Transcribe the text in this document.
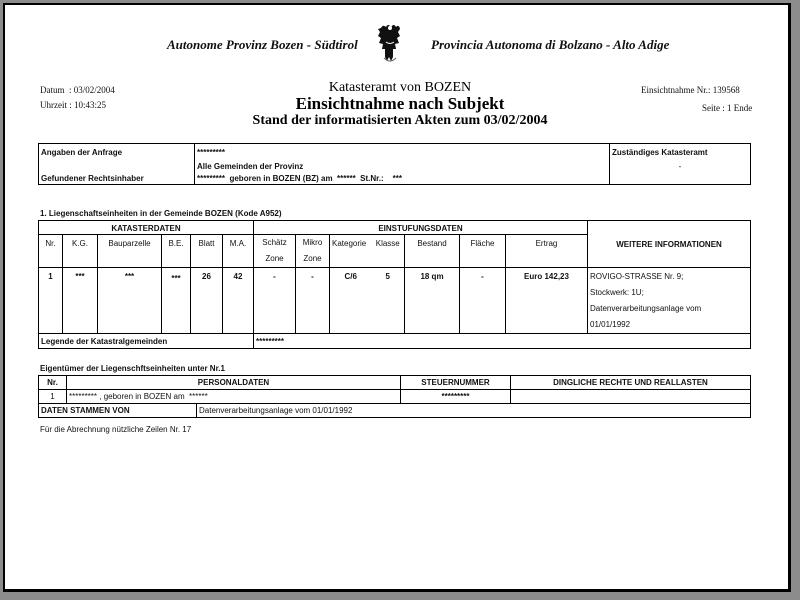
Autonome Provinz Bozen - Südtirol	Provincia Autonoma di Bolzano - Alto Adige
Datum  : 03/02/2004
Uhrzeit : 10:43:25
Einsichtnahme Nr.: 139568
Seite : 1 Ende
Katasteramt von BOZEN
Einsichtnahme nach Subjekt
Stand der informatisierten Akten zum 03/02/2004
Angaben der Anfrage	*********	Zuständiges Katasteramt
	Alle Gemeinden der Provinz	-
Gefundener Rechtsinhaber	*********  geboren in BOZEN (BZ) am  ******  St.Nr.:    ***	
1. Liegenschaftseinheiten in der Gemeinde BOZEN (Kode A952)
KATASTERDATEN						EINSTUFUNGSDATEN							WEITERE INFORMATIONEN
Nr.	K.G.	Bauparzelle	B.E.	Blatt	M.A.	Schätz
Zone

Mikro
Zone
	Kategorie	Klasse	Bestand	Fläche	Ertrag
1	***	***	***	26	42	-	-	C/6	5	18 qm	-	Euro 142,23	ROVIGO-STRASSE Nr. 9;
Stockwerk: 1U;
Datenverarbeitungsanlage vom
01/01/1992

Legende der Katastralgemeinden						*********							
Eigentümer der Liegenschftseinheiten unter Nr.1
Nr.	PERSONALDATEN		STEUERNUMMER	DINGLICHE RECHTE UND REALLASTEN
1	********* , geboren in BOZEN am  ******		*********	
DATEN STAMMEN VON		Datenverarbeitungsanlage vom 01/01/1992		
Für die Abrechnung nützliche Zeilen Nr. 17
